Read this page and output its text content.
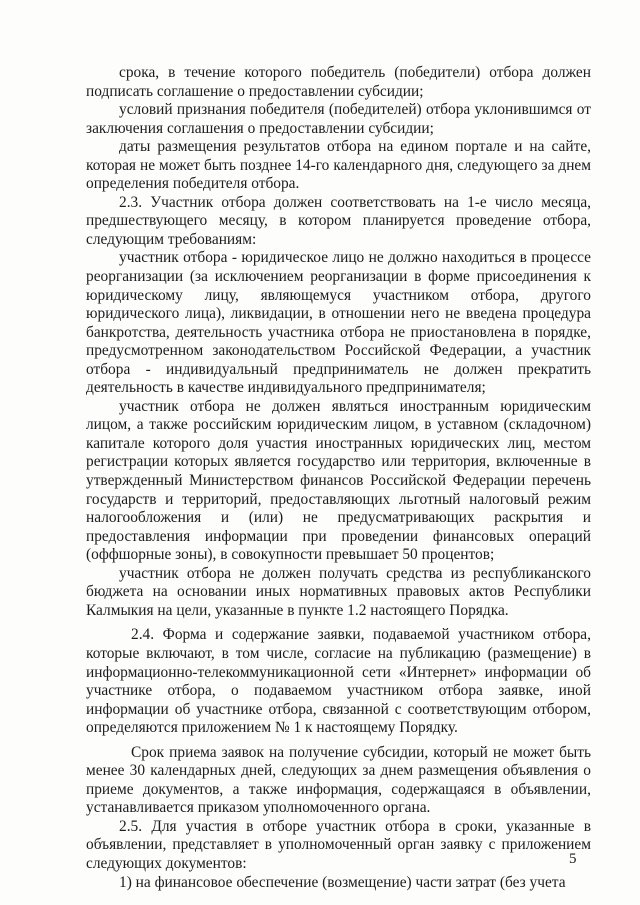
срока, в течение которого победитель (победители) отбора должен подписать соглашение о предоставлении субсидии;

условий признания победителя (победителей) отбора уклонившимся от заключения соглашения о предоставлении субсидии;

даты размещения результатов отбора на едином портале и на сайте, которая не может быть позднее 14-го календарного дня, следующего за днем определения победителя отбора.

2.3. Участник отбора должен соответствовать на 1-е число месяца, предшествующего месяцу, в котором планируется проведение отбора, следующим требованиям:

участник отбора - юридическое лицо не должно находиться в процессе реорганизации (за исключением реорганизации в форме присоединения к юридическому лицу, являющемуся участником отбора, другого юридического лица), ликвидации, в отношении него не введена процедура банкротства, деятельность участника отбора не приостановлена в порядке, предусмотренном законодательством Российской Федерации, а участник отбора - индивидуальный предприниматель не должен прекратить деятельность в качестве индивидуального предпринимателя;

участник отбора не должен являться иностранным юридическим лицом, а также российским юридическим лицом, в уставном (складочном) капитале которого доля участия иностранных юридических лиц, местом регистрации которых является государство или территория, включенные в утвержденный Министерством финансов Российской Федерации перечень государств и территорий, предоставляющих льготный налоговый режим налогообложения и (или) не предусматривающих раскрытия и предоставления информации при проведении финансовых операций (оффшорные зоны), в совокупности превышает 50 процентов;

участник отбора не должен получать средства из республиканского бюджета на основании иных нормативных правовых актов Республики Калмыкия на цели, указанные в пункте 1.2 настоящего Порядка.

2.4. Форма и содержание заявки, подаваемой участником отбора, которые включают, в том числе, согласие на публикацию (размещение) в информационно-телекоммуникационной сети «Интернет» информации об участнике отбора, о подаваемом участником отбора заявке, иной информации об участнике отбора, связанной с соответствующим отбором, определяются приложением № 1 к настоящему Порядку.

Срок приема заявок на получение субсидии, который не может быть менее 30 календарных дней, следующих за днем размещения объявления о приеме документов, а также информация, содержащаяся в объявлении, устанавливается приказом уполномоченного органа.

2.5. Для участия в отборе участник отбора в сроки, указанные в объявлении, представляет в уполномоченный орган заявку с приложением следующих документов:

1) на финансовое обеспечение (возмещение) части затрат (без учета

5
